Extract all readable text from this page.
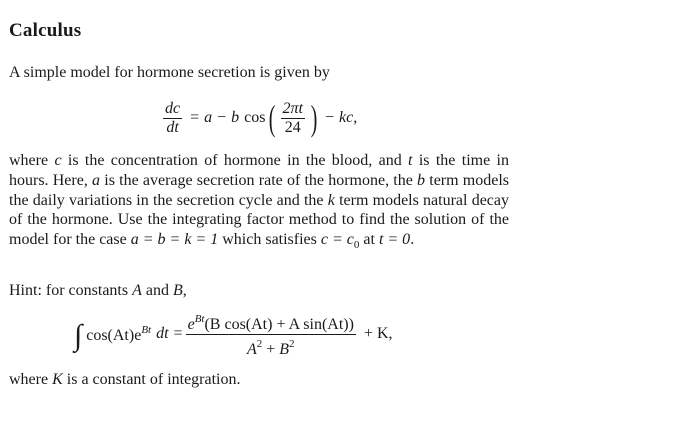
Calculus
A simple model for hormone secretion is given by
$\frac{dc}{dt} = a - b$ cos ( $\frac{2\pi t}{24}$ ) − kc,
where c is the concentration of hormone in the blood, and t is the time in hours. Here, a is the average secretion rate of the hormone, the b term models the daily variations in the secretion cycle and the k term models natural decay of the hormone. Use the integrating factor method to find the solution of the model for the case a = b = k = 1 which satisfies $c = c_0$ at t = 0.
Hint: for constants A and B,
∫ $\cos(At)e^{Bt}$ dt = $\frac{e^{Bt}(B \cos(At) + A \sin(At))}{A^2 + B^2} + K$,
where K is a constant of integration.
